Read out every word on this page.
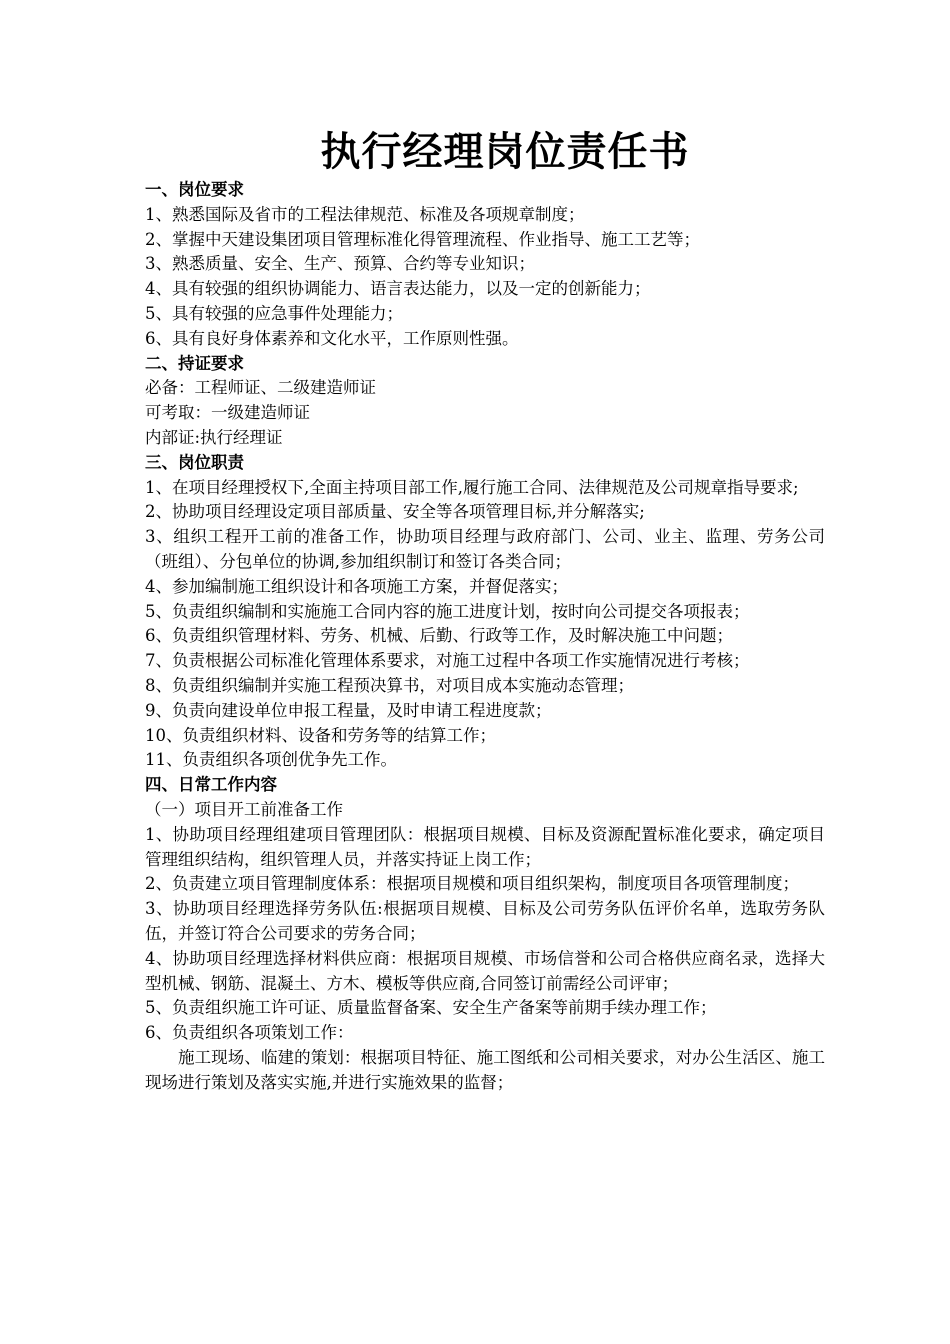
执行经理岗位责任书

一、岗位要求

1、熟悉国际及省市的工程法律规范、标准及各项规章制度；

2、掌握中天建设集团项目管理标准化得管理流程、作业指导、施工工艺等；

3、熟悉质量、安全、生产、预算、合约等专业知识；

4、具有较强的组织协调能力、语言表达能力，以及一定的创新能力；

5、具有较强的应急事件处理能力；

6、具有良好身体素养和文化水平，工作原则性强。

二、持证要求

必备：工程师证、二级建造师证

可考取：一级建造师证

内部证:执行经理证

三、岗位职责

1、在项目经理授权下,全面主持项目部工作,履行施工合同、法律规范及公司规章指导要求;

2、协助项目经理设定项目部质量、安全等各项管理目标,并分解落实;

3、组织工程开工前的准备工作，协助项目经理与政府部门、公司、业主、监理、劳务公司（班组）、分包单位的协调,参加组织制订和签订各类合同；

4、参加编制施工组织设计和各项施工方案，并督促落实；

5、负责组织编制和实施施工合同内容的施工进度计划，按时向公司提交各项报表；

6、负责组织管理材料、劳务、机械、后勤、行政等工作，及时解决施工中问题；

7、负责根据公司标准化管理体系要求，对施工过程中各项工作实施情况进行考核；

8、负责组织编制并实施工程预决算书，对项目成本实施动态管理；

9、负责向建设单位申报工程量，及时申请工程进度款；

10、负责组织材料、设备和劳务等的结算工作；

11、负责组织各项创优争先工作。

四、日常工作内容

（一）项目开工前准备工作

1、协助项目经理组建项目管理团队：根据项目规模、目标及资源配置标准化要求，确定项目管理组织结构，组织管理人员，并落实持证上岗工作；

2、负责建立项目管理制度体系：根据项目规模和项目组织架构，制度项目各项管理制度；

3、协助项目经理选择劳务队伍:根据项目规模、目标及公司劳务队伍评价名单，选取劳务队伍，并签订符合公司要求的劳务合同；

4、协助项目经理选择材料供应商：根据项目规模、市场信誉和公司合格供应商名录，选择大型机械、钢筋、混凝土、方木、模板等供应商,合同签订前需经公司评审；

5、负责组织施工许可证、质量监督备案、安全生产备案等前期手续办理工作；

6、负责组织各项策划工作：

施工现场、临建的策划：根据项目特征、施工图纸和公司相关要求，对办公生活区、施工现场进行策划及落实实施,并进行实施效果的监督；
